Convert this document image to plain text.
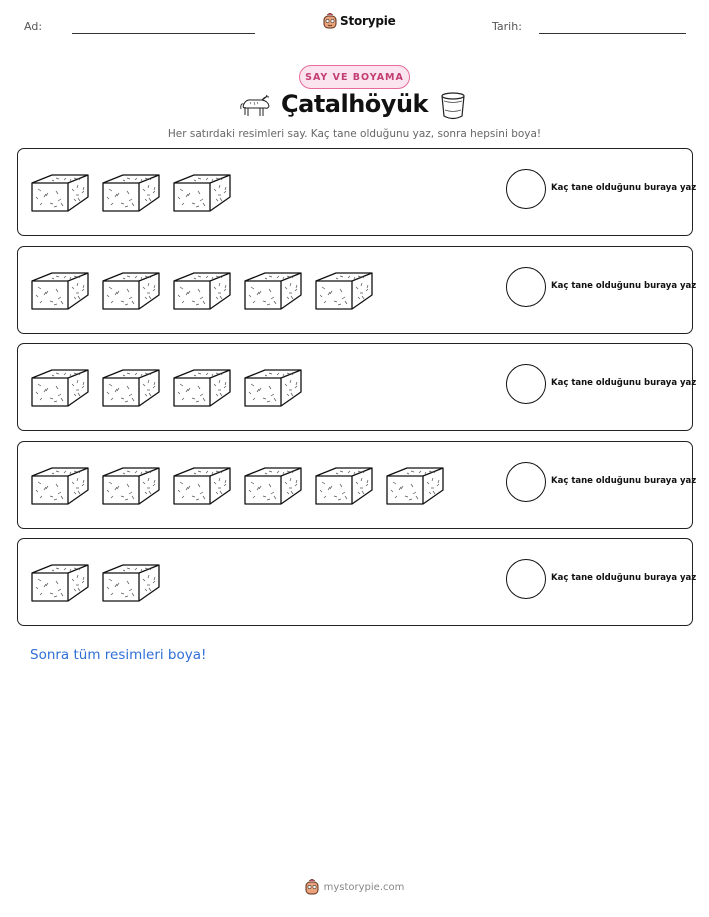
Ad:	Storypie	Tarih:
SAY VE BOYAMA
Çatalhöyük
Her satırdaki resimleri say. Kaç tane olduğunu yaz, sonra hepsini boya!
Kaç tane olduğunu buraya yaz
Kaç tane olduğunu buraya yaz
Kaç tane olduğunu buraya yaz
Kaç tane olduğunu buraya yaz
Kaç tane olduğunu buraya yaz
Sonra tüm resimleri boya!
mystorypie.com
